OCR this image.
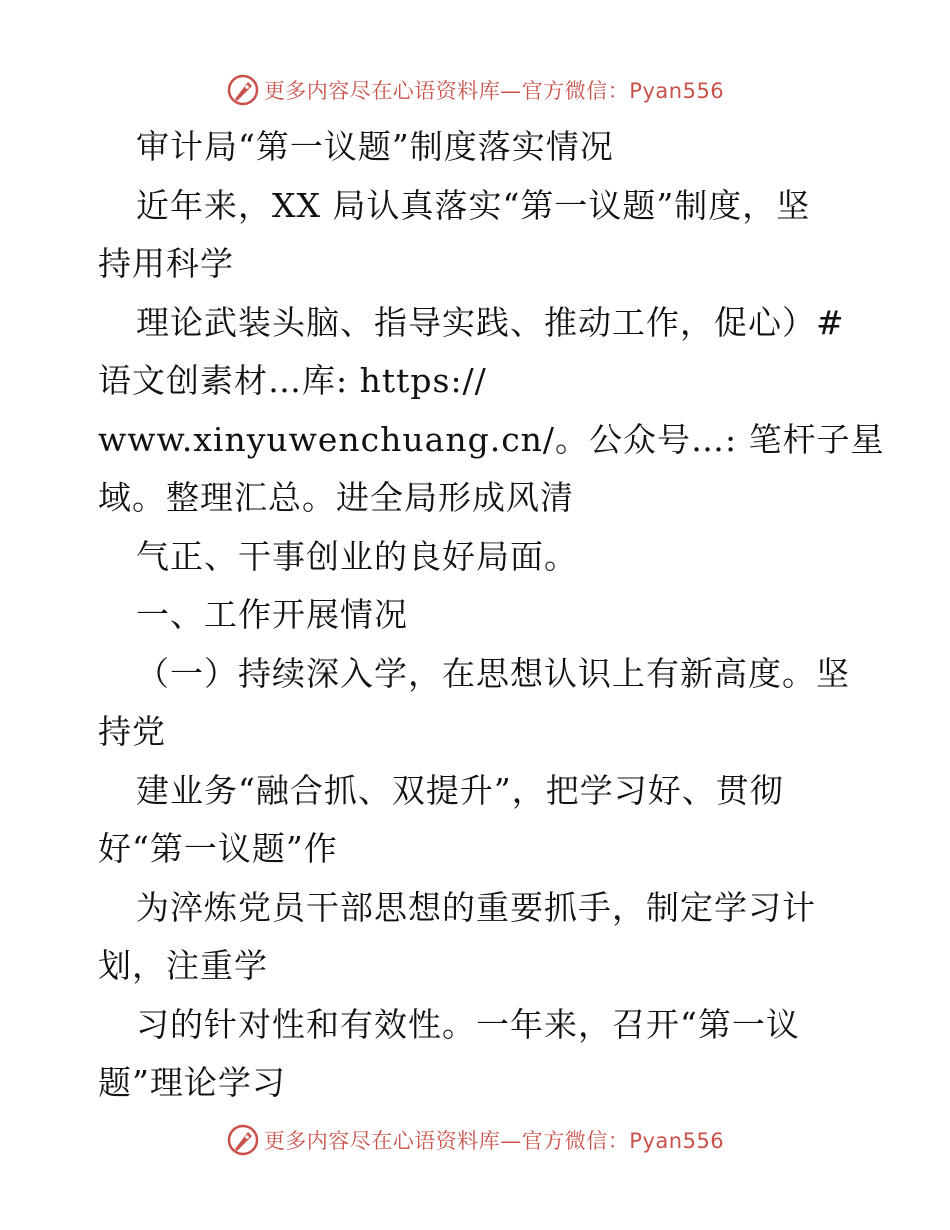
更多内容尽在心语资料库—官方微信：Pyan556
审计局“第一议题”制度落实情况
近年来，XX 局认真落实“第一议题”制度，坚
持用科学
理论武装头脑、指导实践、推动工作，促心）#
语文创素材…库: https://
www.xinyuwenchuang.cn/。公众号…: 笔杆子星
域。整理汇总。进全局形成风清
气正、干事创业的良好局面。
一、工作开展情况
（一）持续深入学，在思想认识上有新高度。坚
持党
建业务“融合抓、双提升”，把学习好、贯彻
好“第一议题”作
为淬炼党员干部思想的重要抓手，制定学习计
划，注重学
习的针对性和有效性。一年来，召开“第一议
题”理论学习
更多内容尽在心语资料库—官方微信：Pyan556
